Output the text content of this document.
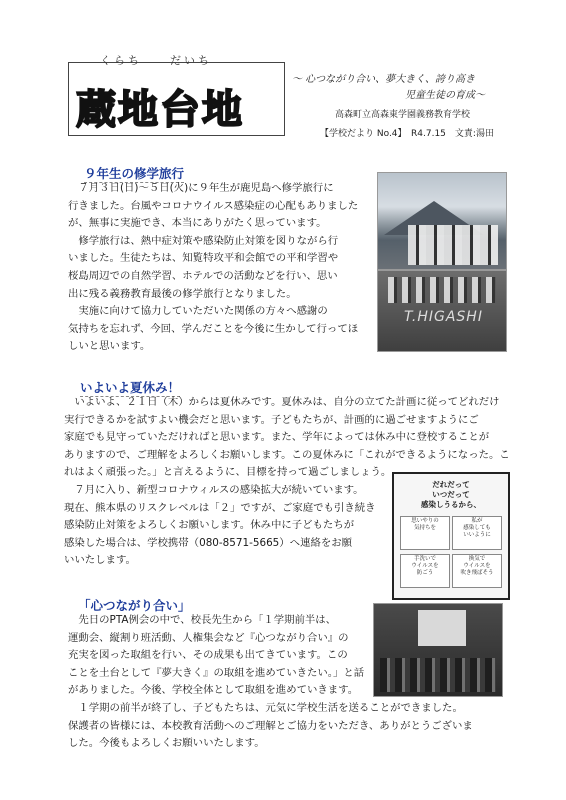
くらち　　だいち
蔵地台地
～ 心つながり合い、夢大きく、誇り高き
児童生徒の育成～
高森町立高森東学園義務教育学校
【学校だより No.4】　R4.7.15　文責:湯田
９年生の修学旅行

　７月３日(日)～５日(火)に９年生が鹿児島へ修学旅行に
行きました。台風やコロナウイルス感染症の心配もありました
が、無事に実施でき、本当にありがたく思っています。
　修学旅行は、熱中症対策や感染防止対策を図りながら行
いました。生徒たちは、知覧特攻平和会館での平和学習や
桜島周辺での自然学習、ホテルでの活動などを行い、思い
出に残る義務教育最後の修学旅行となりました。
　実施に向けて協力していただいた関係の方々へ感謝の
気持ちを忘れず、今回、学んだことを今後に生かして行ってほ
しいと思います。

T.HIGASHI
いよいよ夏休み！

　いよいよ、２１日（木）からは夏休みです。夏休みは、自分の立てた計画に従ってどれだけ
実行できるかを試すよい機会だと思います。子どもたちが、計画的に過ごせますようにご
家庭でも見守っていただければと思います。また、学年によっては休み中に登校することが
ありますので、ご理解をよろしくお願いします。この夏休みに「これができるようになった。こ
れはよく頑張った。」と言えるように、目標を持って過ごしましょう。

　７月に入り、新型コロナウィルスの感染拡大が続いています。
現在、熊本県のリスクレベルは「２」ですが、ご家庭でも引き続き
感染防止対策をよろしくお願いします。休み中に子どもたちが
感染した場合は、学校携帯（080-8571-5665）へ連絡をお願
いいたします。

だれだって
いつだって
感染しうるから、

思いやりの
気持ちを
私が
感染しても
いいように
手洗いで
ウイルスを
防ごう
換気で
ウイルスを
吹き飛ばそう
「心つながり合い」

　先日のPTA例会の中で、校長先生から「１学期前半は、
運動会、縦割り班活動、人権集会など『心つながり合い』の
充実を図った取組を行い、その成果も出てきています。この
ことを土台として『夢大きく』の取組を進めていきたい。」と話
がありました。今後、学校全体として取組を進めていきます。

　１学期の前半が終了し、子どもたちは、元気に学校生活を送ることができました。
保護者の皆様には、本校教育活動へのご理解とご協力をいただき、ありがとうございま
した。今後もよろしくお願いいたします。
